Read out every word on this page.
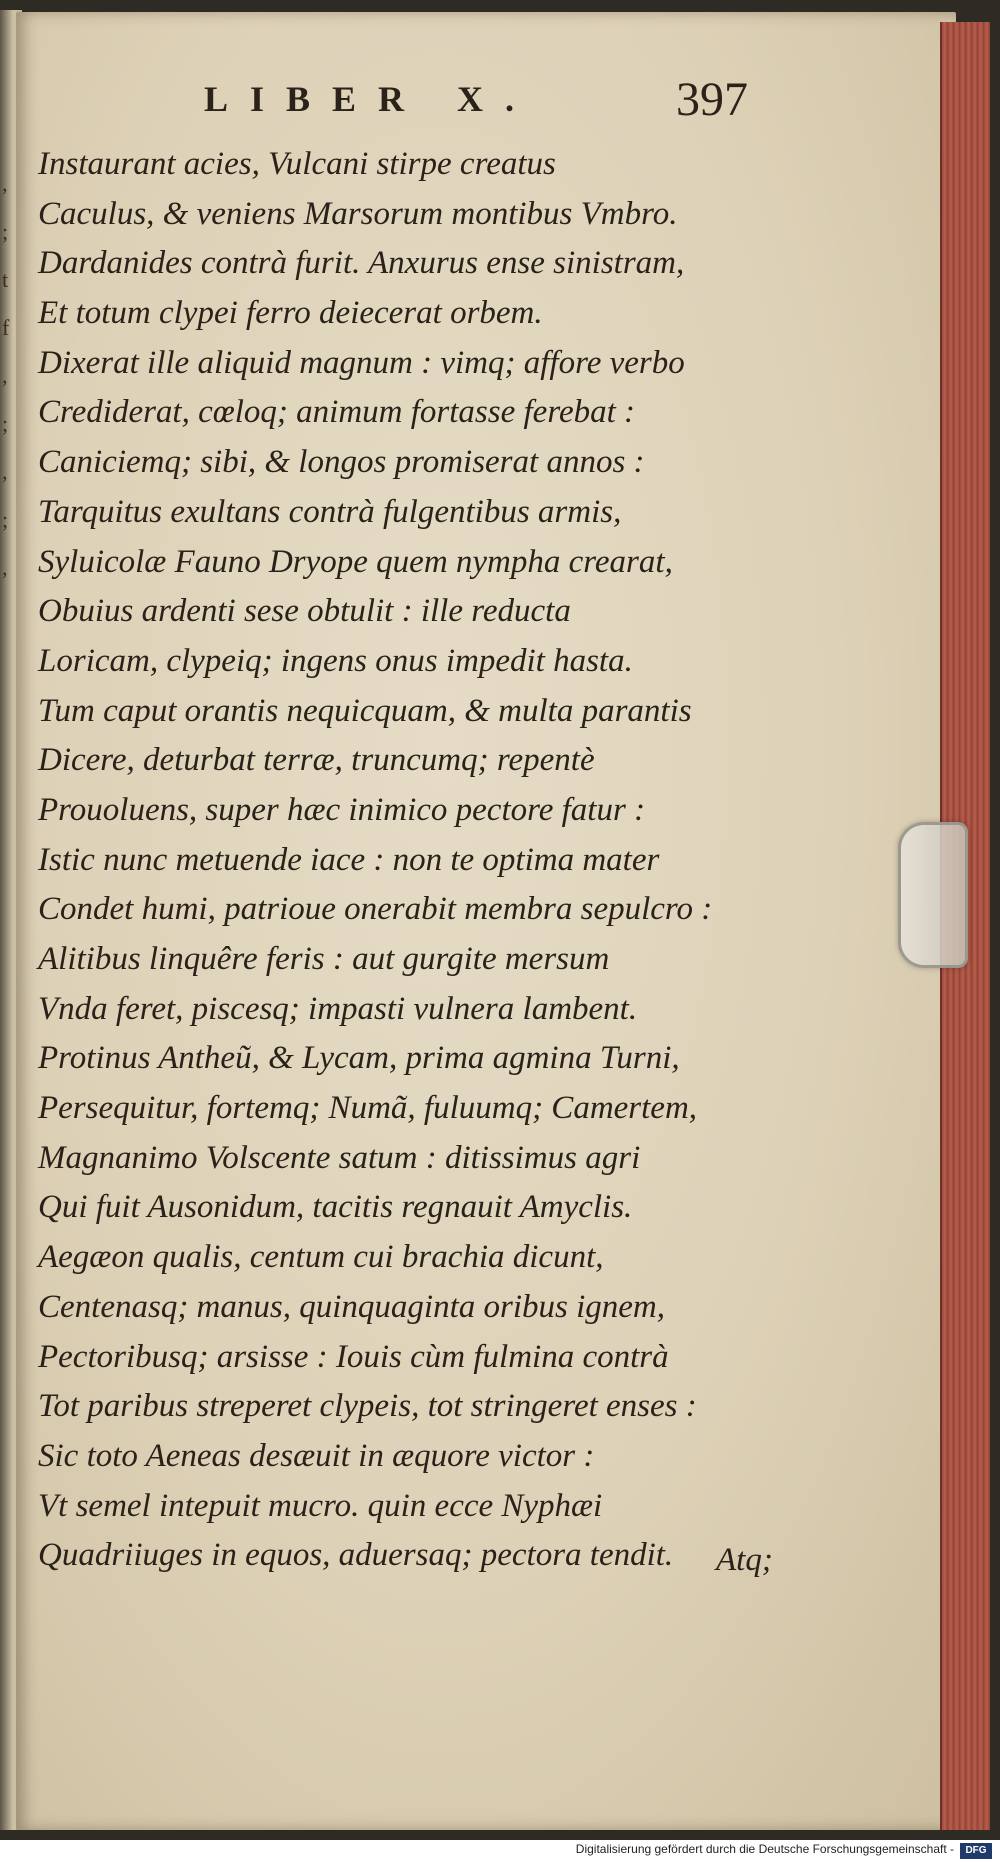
,
;
t
f
,
;
,
;
,
LIBER X.	397
Instaurant acies, Vulcani stirpe creatus
Caculus, & veniens Marsorum montibus Vmbro.
Dardanides contrà furit. Anxurus ense sinistram,
Et totum clypei ferro deiecerat orbem.
Dixerat ille aliquid magnum : vimq; affore verbo
Crediderat, cœloq; animum fortasse ferebat :
Caniciemq; sibi, & longos promiserat annos :
Tarquitus exultans contrà fulgentibus armis,
Syluicolæ Fauno Dryope quem nympha crearat,
Obuius ardenti sese obtulit : ille reducta
Loricam, clypeiq; ingens onus impedit hasta.
Tum caput orantis nequicquam, & multa parantis
Dicere, deturbat terræ, truncumq; repentè
Prouoluens, super hæc inimico pectore fatur :
Istic nunc metuende iace : non te optima mater
Condet humi, patrioue onerabit membra sepulcro :
Alitibus linquêre feris : aut gurgite mersum
Vnda feret, piscesq; impasti vulnera lambent.
Protinus Antheũ, & Lycam, prima agmina Turni,
Persequitur, fortemq; Numã, fuluumq; Camertem,
Magnanimo Volscente satum : ditissimus agri
Qui fuit Ausonidum, tacitis regnauit Amyclis.
Aegæon qualis, centum cui brachia dicunt,
Centenasq; manus, quinquaginta oribus ignem,
Pectoribusq; arsisse : Iouis cùm fulmina contrà
Tot paribus streperet clypeis, tot stringeret enses :
Sic toto Aeneas desæuit in æquore victor :
Vt semel intepuit mucro. quin ecce Nyphæi
Quadriiuges in equos, aduersaq; pectora tendit.	Atq;
Digitalisierung gefördert durch die Deutsche Forschungsgemeinschaft -	DFG
